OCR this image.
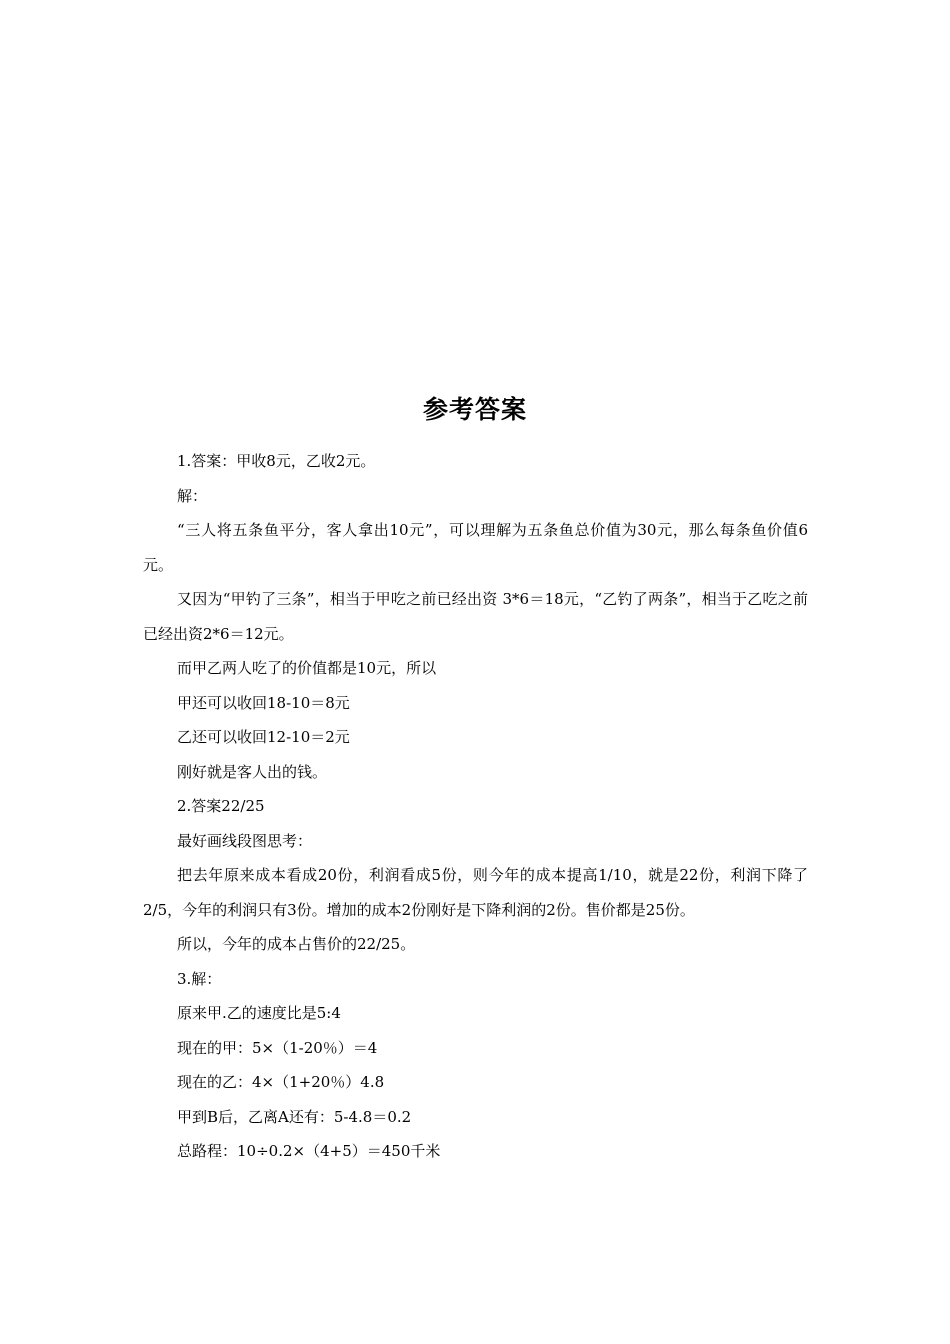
参考答案

1.答案：甲收8元，乙收2元。

解：

“三人将五条鱼平分，客人拿出10元”，可以理解为五条鱼总价值为30元，那么每条鱼价值6元。

又因为“甲钓了三条”，相当于甲吃之前已经出资 3*6＝18元，“乙钓了两条”，相当于乙吃之前已经出资2*6＝12元。

而甲乙两人吃了的价值都是10元，所以

甲还可以收回18-10＝8元

乙还可以收回12-10＝2元

刚好就是客人出的钱。

2.答案22/25

最好画线段图思考：

把去年原来成本看成20份，利润看成5份，则今年的成本提高1/10，就是22份，利润下降了2/5，今年的利润只有3份。增加的成本2份刚好是下降利润的2份。售价都是25份。

所以，今年的成本占售价的22/25。

3.解：

原来甲.乙的速度比是5:4

现在的甲：5×（1-20％）＝4

现在的乙：4×（1+20％）4.8

甲到B后，乙离A还有：5-4.8＝0.2

总路程：10÷0.2×（4+5）＝450千米
